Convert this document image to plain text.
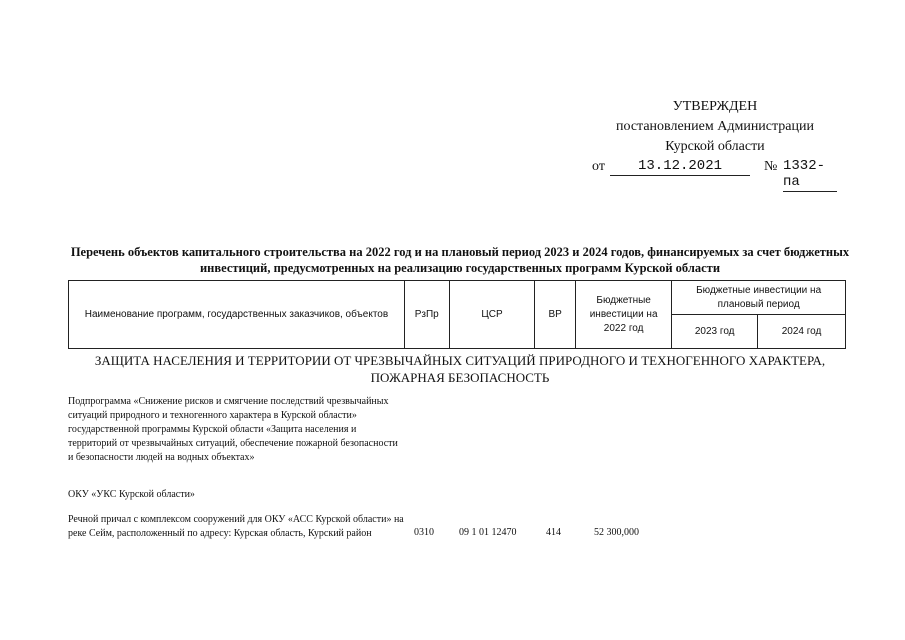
УТВЕРЖДЕН
постановлением Администрации
Курской области
от	13.12.2021	№ 1332-па
Перечень объектов капитального строительства на 2022 год и на плановый период 2023 и 2024 годов, финансируемых за счет бюджетных инвестиций, предусмотренных на реализацию государственных программ Курской области
Наименование программ, государственных заказчиков, объектов	РзПр	ЦСР	ВР	Бюджетные инвестиции на 2022 год	Бюджетные инвестиции на плановый период	
					2023 год	2024 год
ЗАЩИТА НАСЕЛЕНИЯ И ТЕРРИТОРИИ ОТ ЧРЕЗВЫЧАЙНЫХ СИТУАЦИЙ ПРИРОДНОГО И ТЕХНОГЕННОГО ХАРАКТЕРА, ПОЖАРНАЯ БЕЗОПАСНОСТЬ
Подпрограмма «Снижение рисков и смягчение последствий чрезвычайных ситуаций природного и техногенного характера в Курской области» государственной программы Курской области «Защита населения и территорий от чрезвычайных ситуаций, обеспечение пожарной безопасности и безопасности людей на водных объектах»
ОКУ «УКС Курской области»
Речной причал с комплексом сооружений для ОКУ «АСС Курской области» на реке Сейм, расположенный по адресу: Курская область, Курский район	0310	09 1 01 12470	414	52 300,000
